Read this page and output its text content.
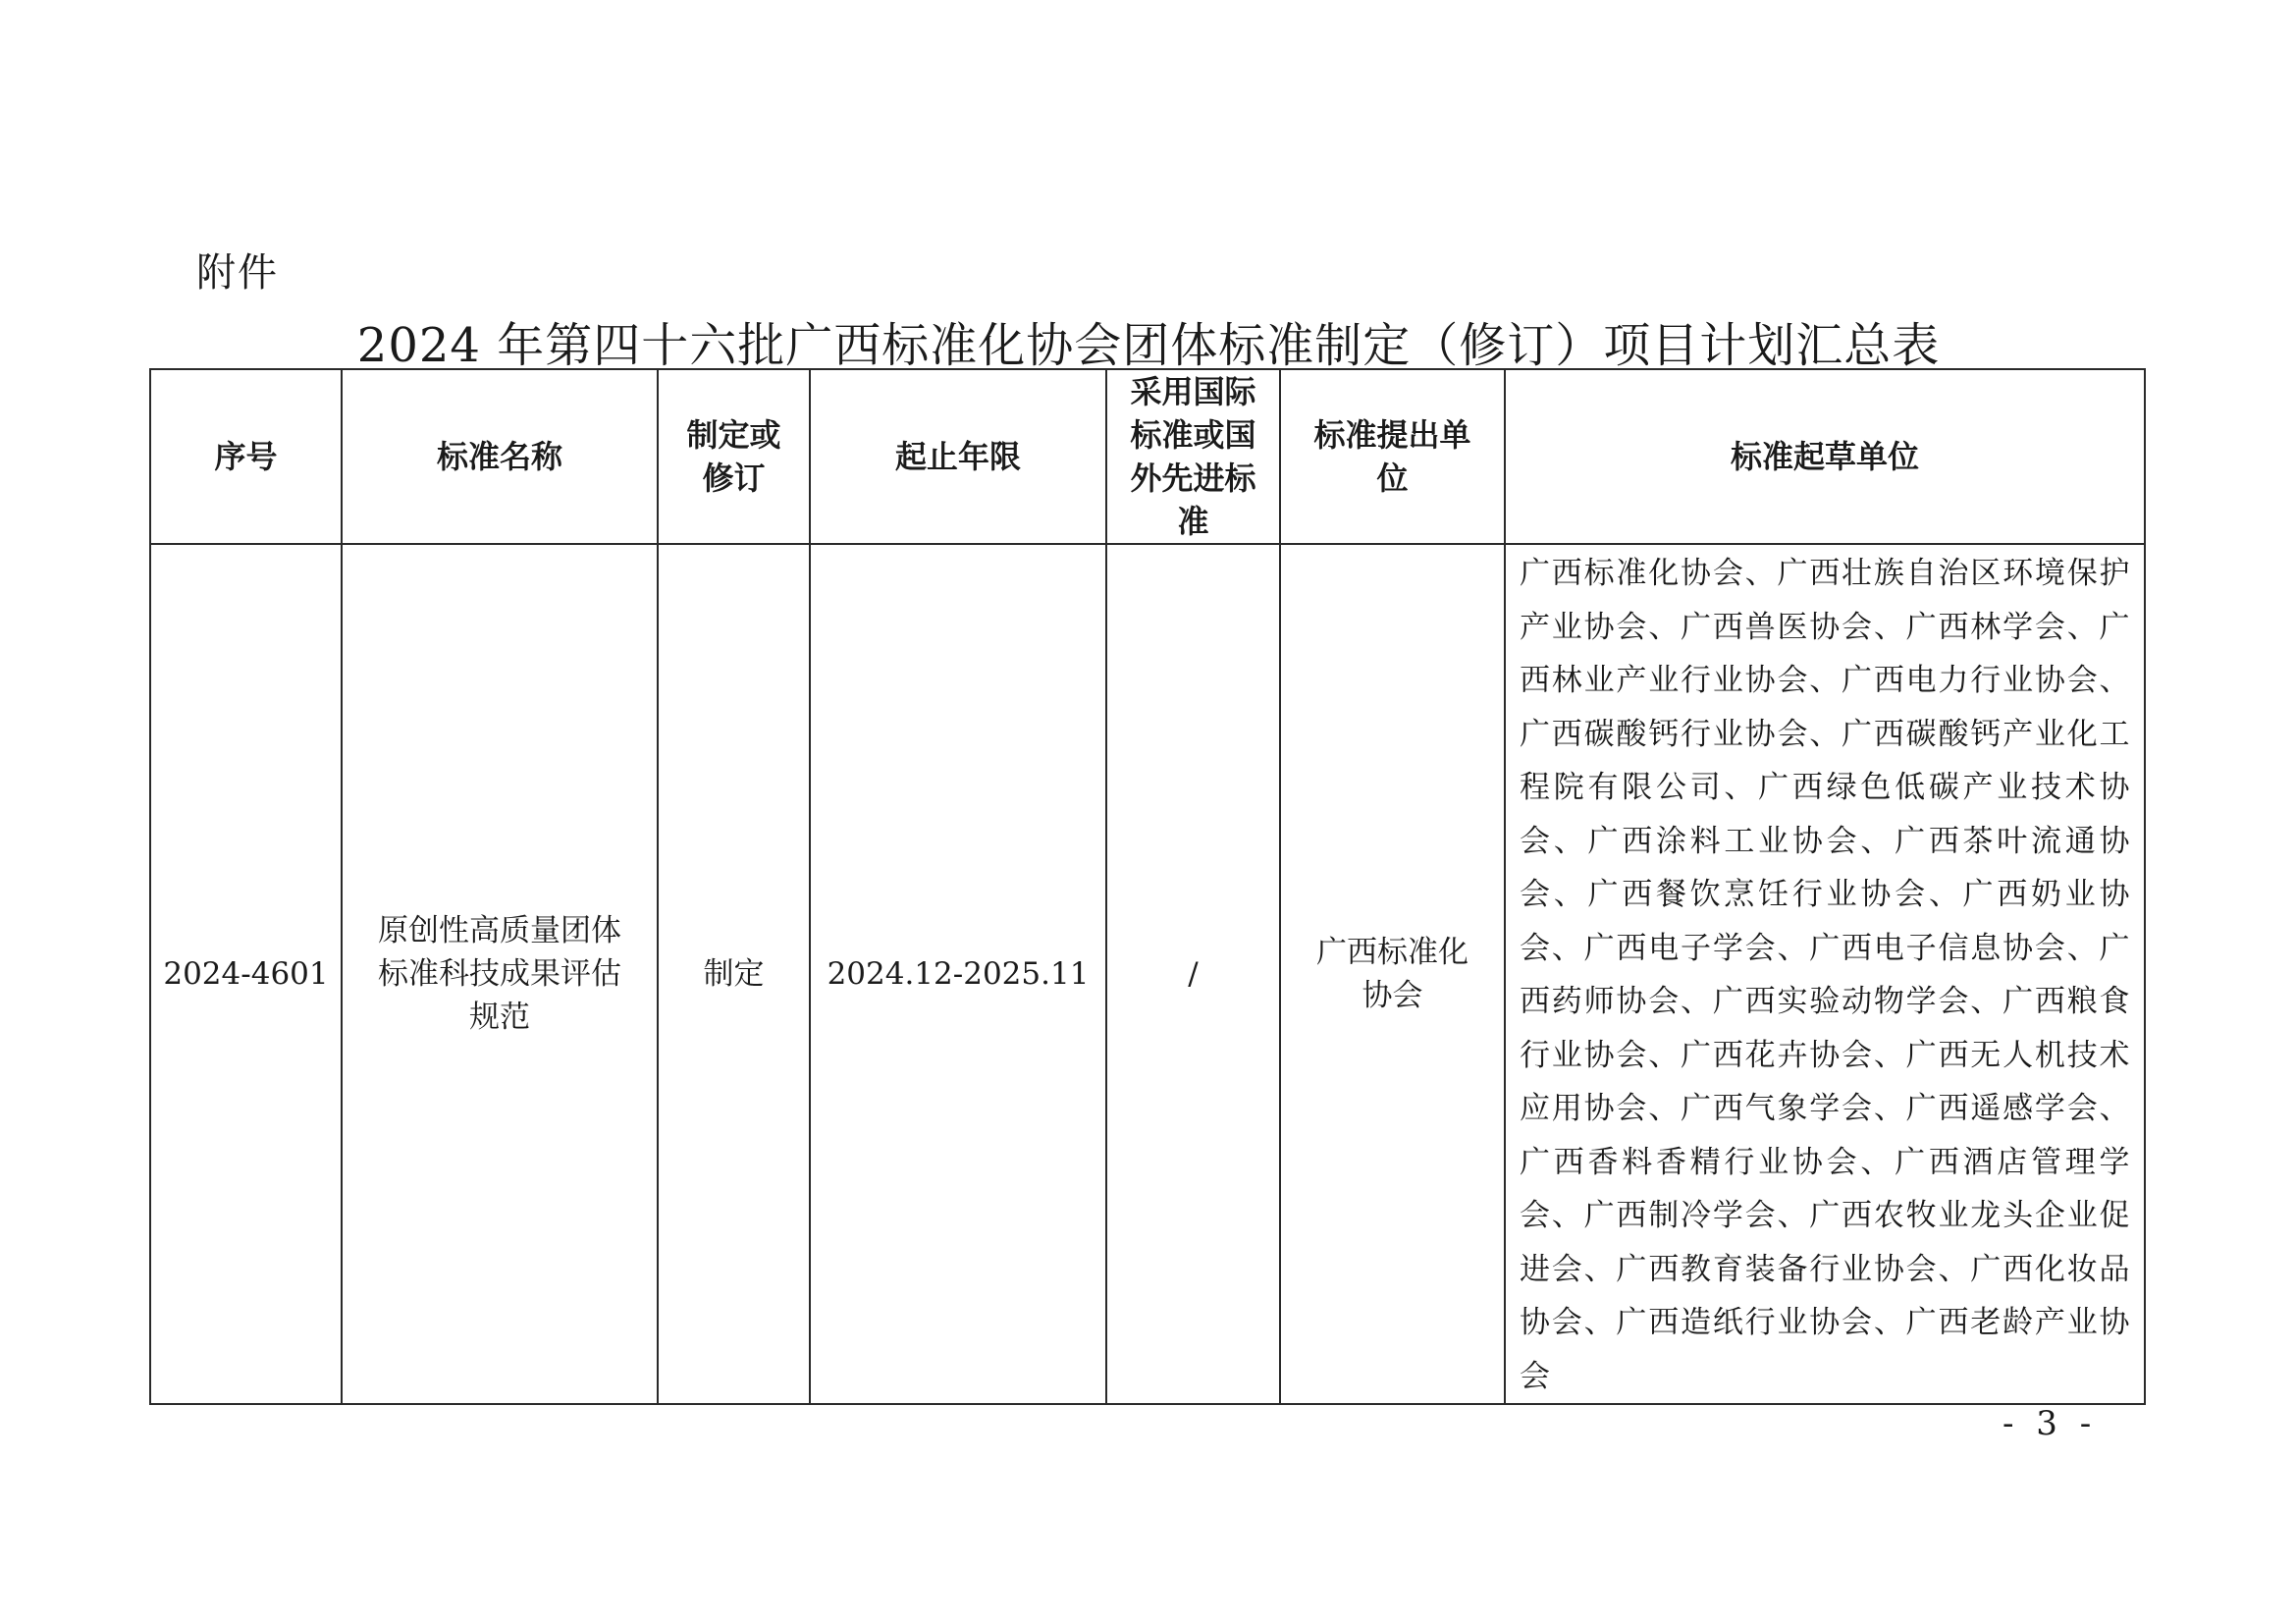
附件
2024 年第四十六批广西标准化协会团体标准制定（修订）项目计划汇总表
序号	标准名称	制定或修订	起止年限	采用国际标准或国外先进标准	标准提出单位	标准起草单位
2024-4601	原创性高质量团体标准科技成果评估规范	制定	2024.12-2025.11	/	广西标准化协会	广西标准化协会、广西壮族自治区环境保护产业协会、广西兽医协会、广西林学会、广西林业产业行业协会、广西电力行业协会、广西碳酸钙行业协会、广西碳酸钙产业化工程院有限公司、广西绿色低碳产业技术协会、广西涂料工业协会、广西茶叶流通协会、广西餐饮烹饪行业协会、广西奶业协会、广西电子学会、广西电子信息协会、广西药师协会、广西实验动物学会、广西粮食行业协会、广西花卉协会、广西无人机技术应用协会、广西气象学会、广西遥感学会、广西香料香精行业协会、广西酒店管理学会、广西制冷学会、广西农牧业龙头企业促进会、广西教育装备行业协会、广西化妆品协会、广西造纸行业协会、广西老龄产业协会
- 3 -
